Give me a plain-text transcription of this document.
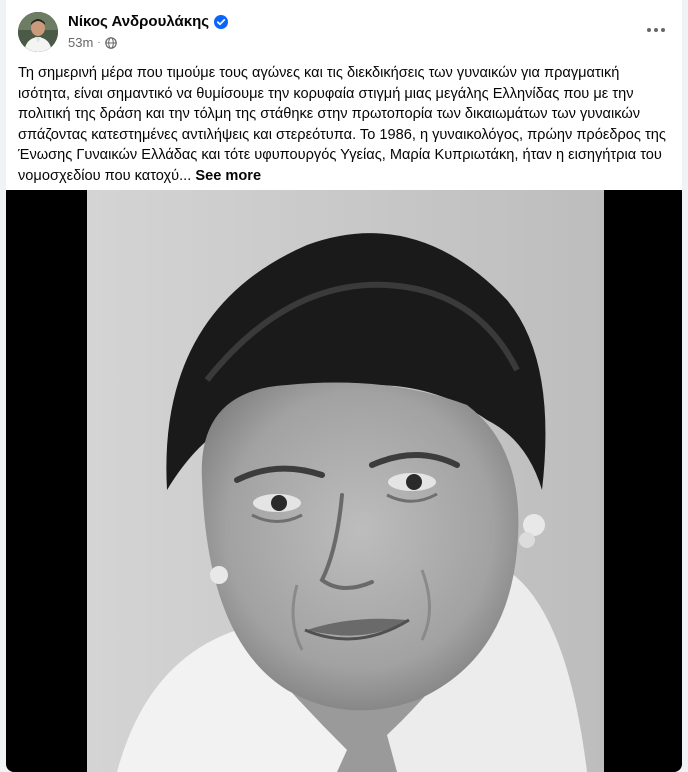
Νίκος Ανδρουλάκης
53m ·
Τη σημερινή μέρα που τιμούμε τους αγώνες και τις διεκδικήσεις των γυναικών για πραγματική ισότητα, είναι σημαντικό να θυμίσουμε την κορυφαία στιγμή μιας μεγάλης Ελληνίδας που με την πολιτική της δράση και την τόλμη της στάθηκε στην πρωτοπορία των δικαιωμάτων των γυναικών σπάζοντας κατεστημένες αντιλήψεις και στερεότυπα. Το 1986, η γυναικολόγος, πρώην πρόεδρος της Ένωσης Γυναικών Ελλάδας και τότε υφυπουργός Υγείας, Μαρία Κυπριωτάκη, ήταν η εισηγήτρια του νομοσχεδίου που κατοχύ... See more
